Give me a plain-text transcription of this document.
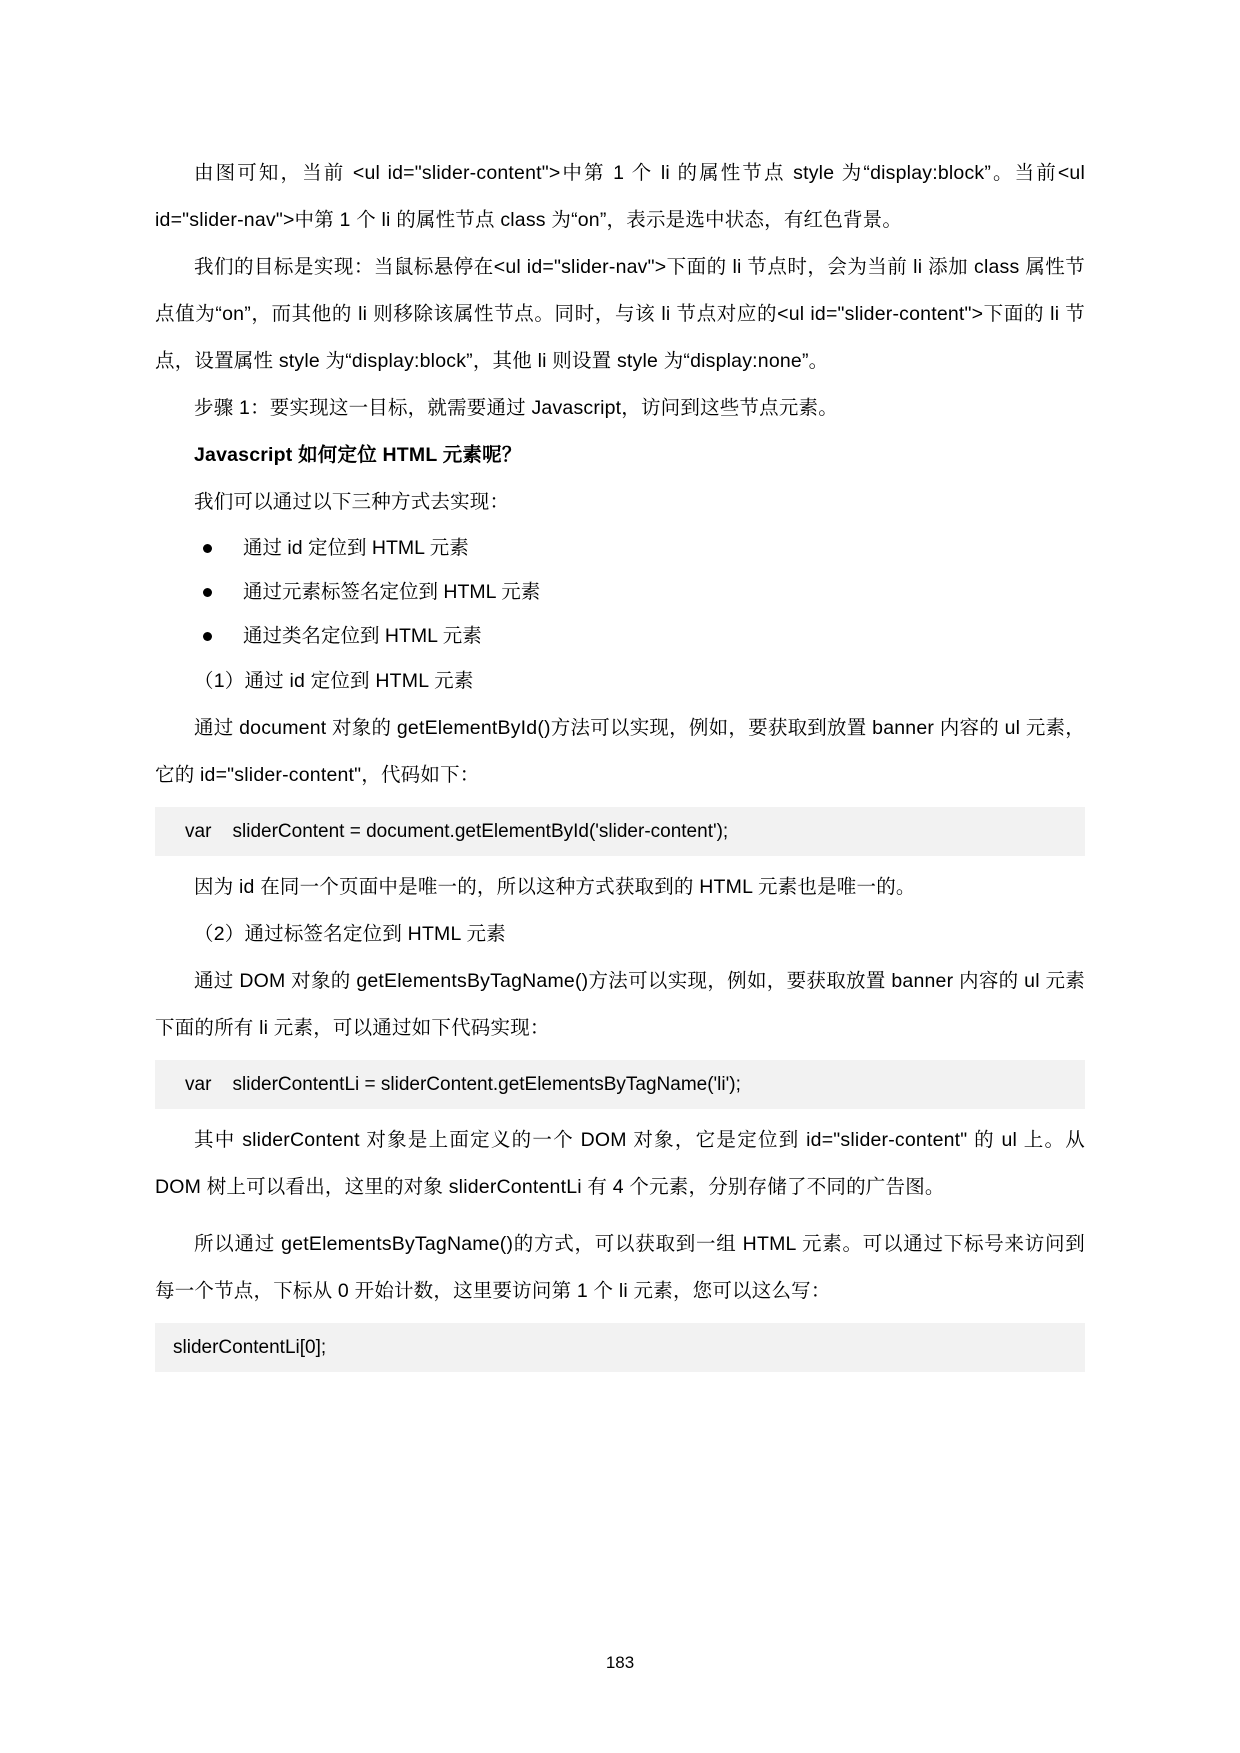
由图可知，当前 <ul id="slider-content">中第 1 个 li 的属性节点 style 为“display:block”。当前<ul id="slider-nav">中第 1 个 li 的属性节点 class 为“on”，表示是选中状态，有红色背景。

我们的目标是实现：当鼠标悬停在<ul id="slider-nav">下面的 li 节点时，会为当前 li 添加 class 属性节点值为“on”，而其他的 li 则移除该属性节点。同时，与该 li 节点对应的<ul id="slider-content">下面的 li 节点，设置属性 style 为“display:block”，其他 li 则设置 style 为“display:none”。

步骤 1：要实现这一目标，就需要通过 Javascript，访问到这些节点元素。

Javascript 如何定位 HTML 元素呢？

我们可以通过以下三种方式去实现：

通过 id 定位到 HTML 元素
通过元素标签名定位到 HTML 元素
通过类名定位到 HTML 元素

（1）通过 id 定位到 HTML 元素

通过 document 对象的 getElementById()方法可以实现，例如，要获取到放置 banner 内容的 ul 元素，它的 id="slider-content"，代码如下：

var    sliderContent = document.getElementById('slider-content');

因为 id 在同一个页面中是唯一的，所以这种方式获取到的 HTML 元素也是唯一的。

（2）通过标签名定位到 HTML 元素

通过 DOM 对象的 getElementsByTagName()方法可以实现，例如，要获取放置 banner 内容的 ul 元素下面的所有 li 元素，可以通过如下代码实现：

var    sliderContentLi = sliderContent.getElementsByTagName('li');

其中 sliderContent 对象是上面定义的一个 DOM 对象，它是定位到 id="slider-content" 的 ul 上。从 DOM 树上可以看出，这里的对象 sliderContentLi 有 4 个元素，分别存储了不同的广告图。

所以通过 getElementsByTagName()的方式，可以获取到一组 HTML 元素。可以通过下标号来访问到每一个节点，下标从 0 开始计数，这里要访问第 1 个 li 元素，您可以这么写：

sliderContentLi[0];
183
